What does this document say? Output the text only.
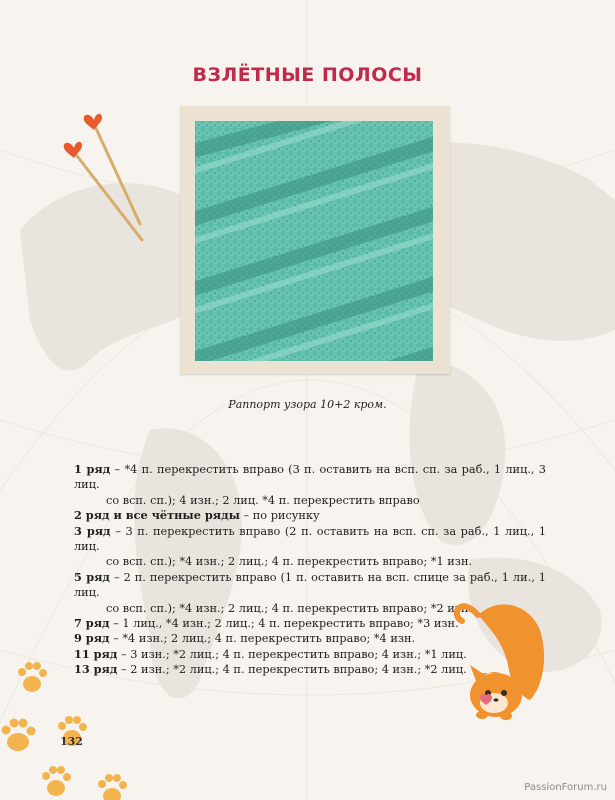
ВЗЛЁТНЫЕ ПОЛОСЫ
Раппорт узора 10+2 кром.

1 ряд – *4 п. перекрестить вправо (3 п. оставить на всп. сп. за раб., 1 лиц., 3 лиц.

со всп. сп.); 4 изн.; 2 лиц. *4 п. перекрестить вправо

2 ряд и все чётные ряды – по рисунку

3 ряд – 3 п. перекрестить вправо (2 п. оставить на всп. сп. за раб., 1 лиц., 1 лиц.

со всп. сп.); *4 изн.; 2 лиц.; 4 п. перекрестить вправо; *1 изн.

5 ряд – 2 п. перекрестить вправо (1 п. оставить на всп. спице за раб., 1 ли., 1 лиц.

со всп. сп.); *4 изн.; 2 лиц.; 4 п. перекрестить вправо; *2 изн.

7 ряд – 1 лиц., *4 изн.; 2 лиц.; 4 п. перекрестить вправо; *3 изн.

9 ряд – *4 изн.; 2 лиц.; 4 п. перекрестить вправо; *4 изн.

11 ряд – 3 изн.; *2 лиц.; 4 п. перекрестить вправо; 4 изн.; *1 лиц.

13 ряд – 2 изн.; *2 лиц.; 4 п. перекрестить вправо; 4 изн.; *2 лиц.

132
PassionForum.ru
